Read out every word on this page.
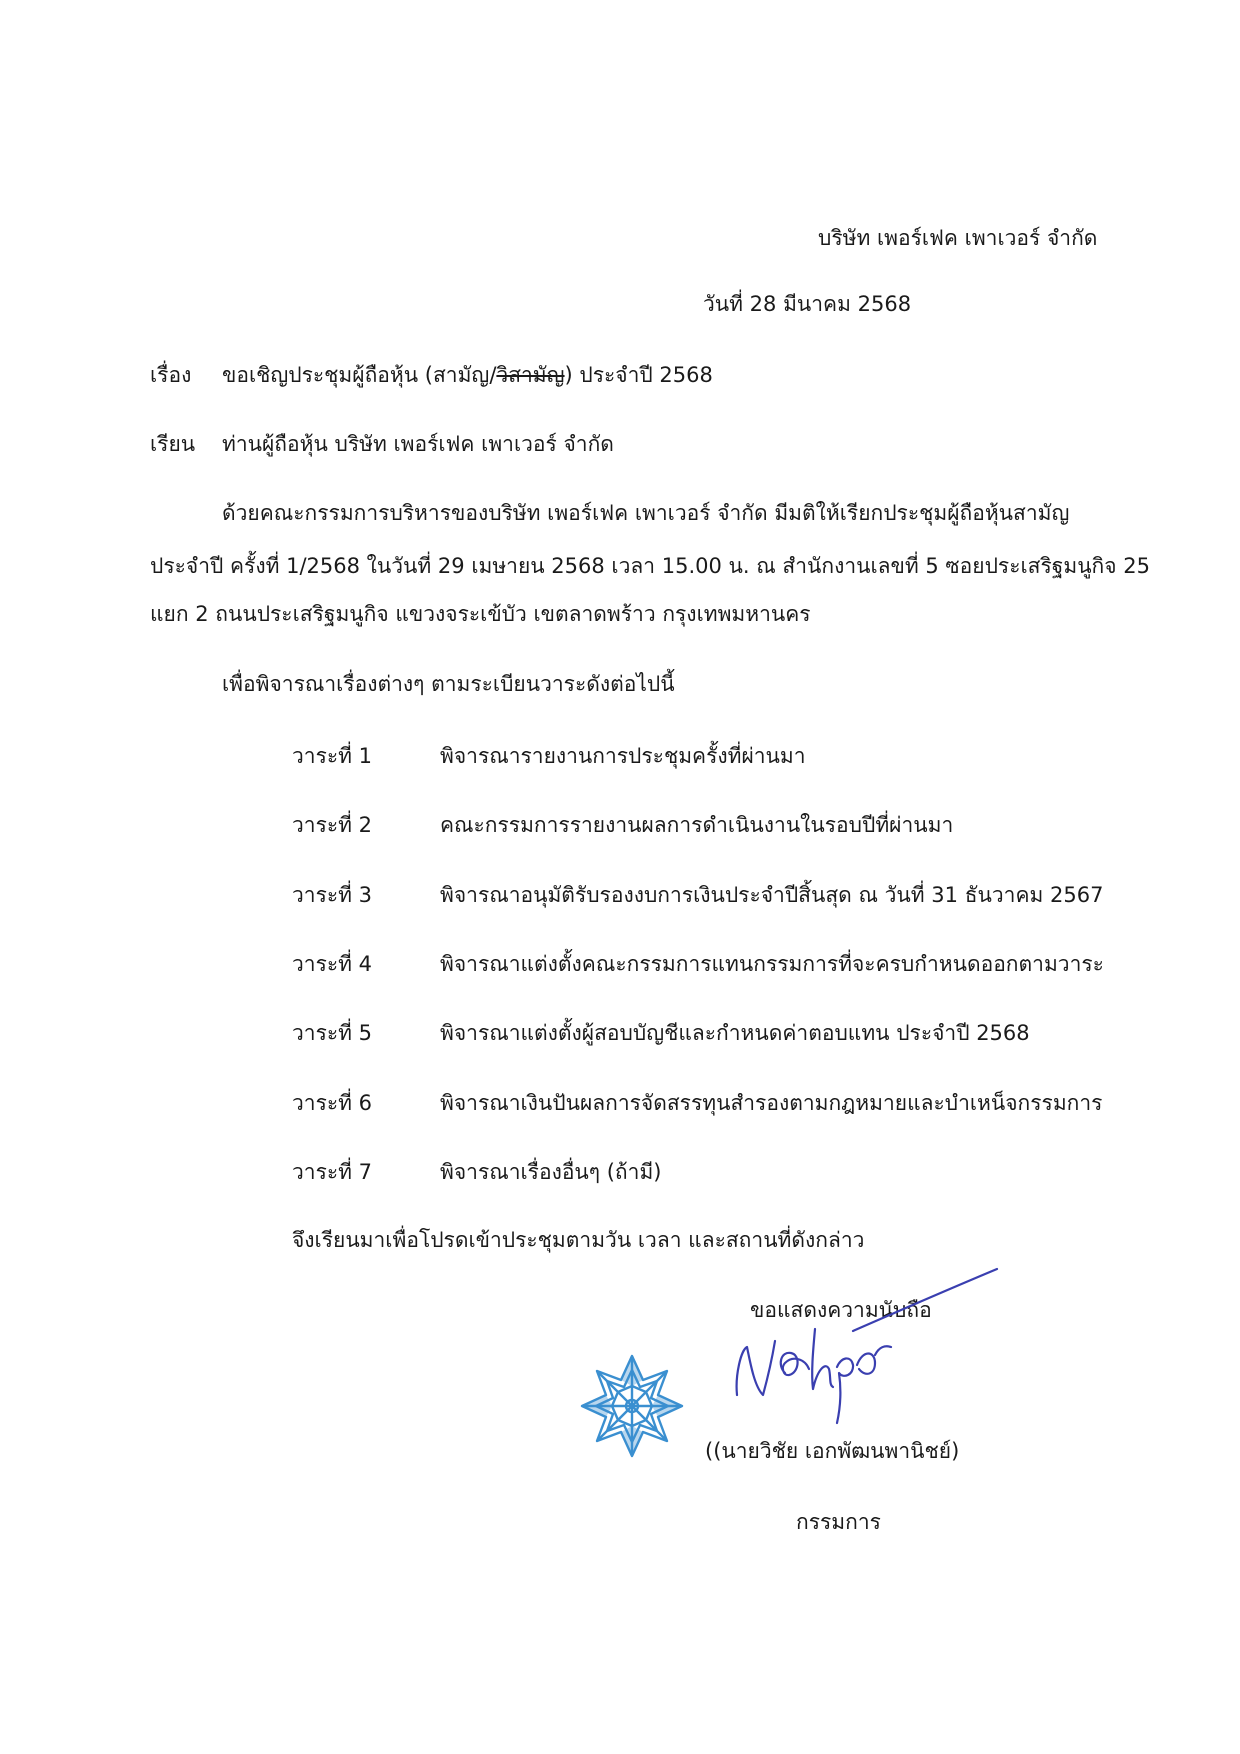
บริษัท เพอร์เฟค เพาเวอร์ จำกัด
วันที่ 28 มีนาคม 2568
เรื่อง ขอเชิญประชุมผู้ถือหุ้น (สามัญ/วิสามัญ) ประจำปี 2568
เรียน ท่านผู้ถือหุ้น บริษัท เพอร์เฟค เพาเวอร์ จำกัด
ด้วยคณะกรรมการบริหารของบริษัท เพอร์เฟค เพาเวอร์ จำกัด มีมติให้เรียกประชุมผู้ถือหุ้นสามัญ
ประจำปี ครั้งที่ 1/2568 ในวันที่ 29 เมษายน 2568 เวลา 15.00 น. ณ สำนักงานเลขที่ 5 ซอยประเสริฐมนูกิจ 25
แยก 2 ถนนประเสริฐมนูกิจ แขวงจระเข้บัว เขตลาดพร้าว กรุงเทพมหานคร
เพื่อพิจารณาเรื่องต่างๆ ตามระเบียนวาระดังต่อไปนี้
วาระที่ 1	พิจารณารายงานการประชุมครั้งที่ผ่านมา
วาระที่ 2	คณะกรรมการรายงานผลการดำเนินงานในรอบปีที่ผ่านมา
วาระที่ 3	พิจารณาอนุมัติรับรองงบการเงินประจำปีสิ้นสุด ณ วันที่ 31 ธันวาคม 2567
วาระที่ 4	พิจารณาแต่งตั้งคณะกรรมการแทนกรรมการที่จะครบกำหนดออกตามวาระ
วาระที่ 5	พิจารณาแต่งตั้งผู้สอบบัญชีและกำหนดค่าตอบแทน ประจำปี 2568
วาระที่ 6	พิจารณาเงินปันผลการจัดสรรทุนสำรองตามกฎหมายและบำเหน็จกรรมการ
วาระที่ 7	พิจารณาเรื่องอื่นๆ (ถ้ามี)
จึงเรียนมาเพื่อโปรดเข้าประชุมตามวัน เวลา และสถานที่ดังกล่าว
ขอแสดงความนับถือ
((นายวิชัย เอกพัฒนพานิชย์)
กรรมการ
